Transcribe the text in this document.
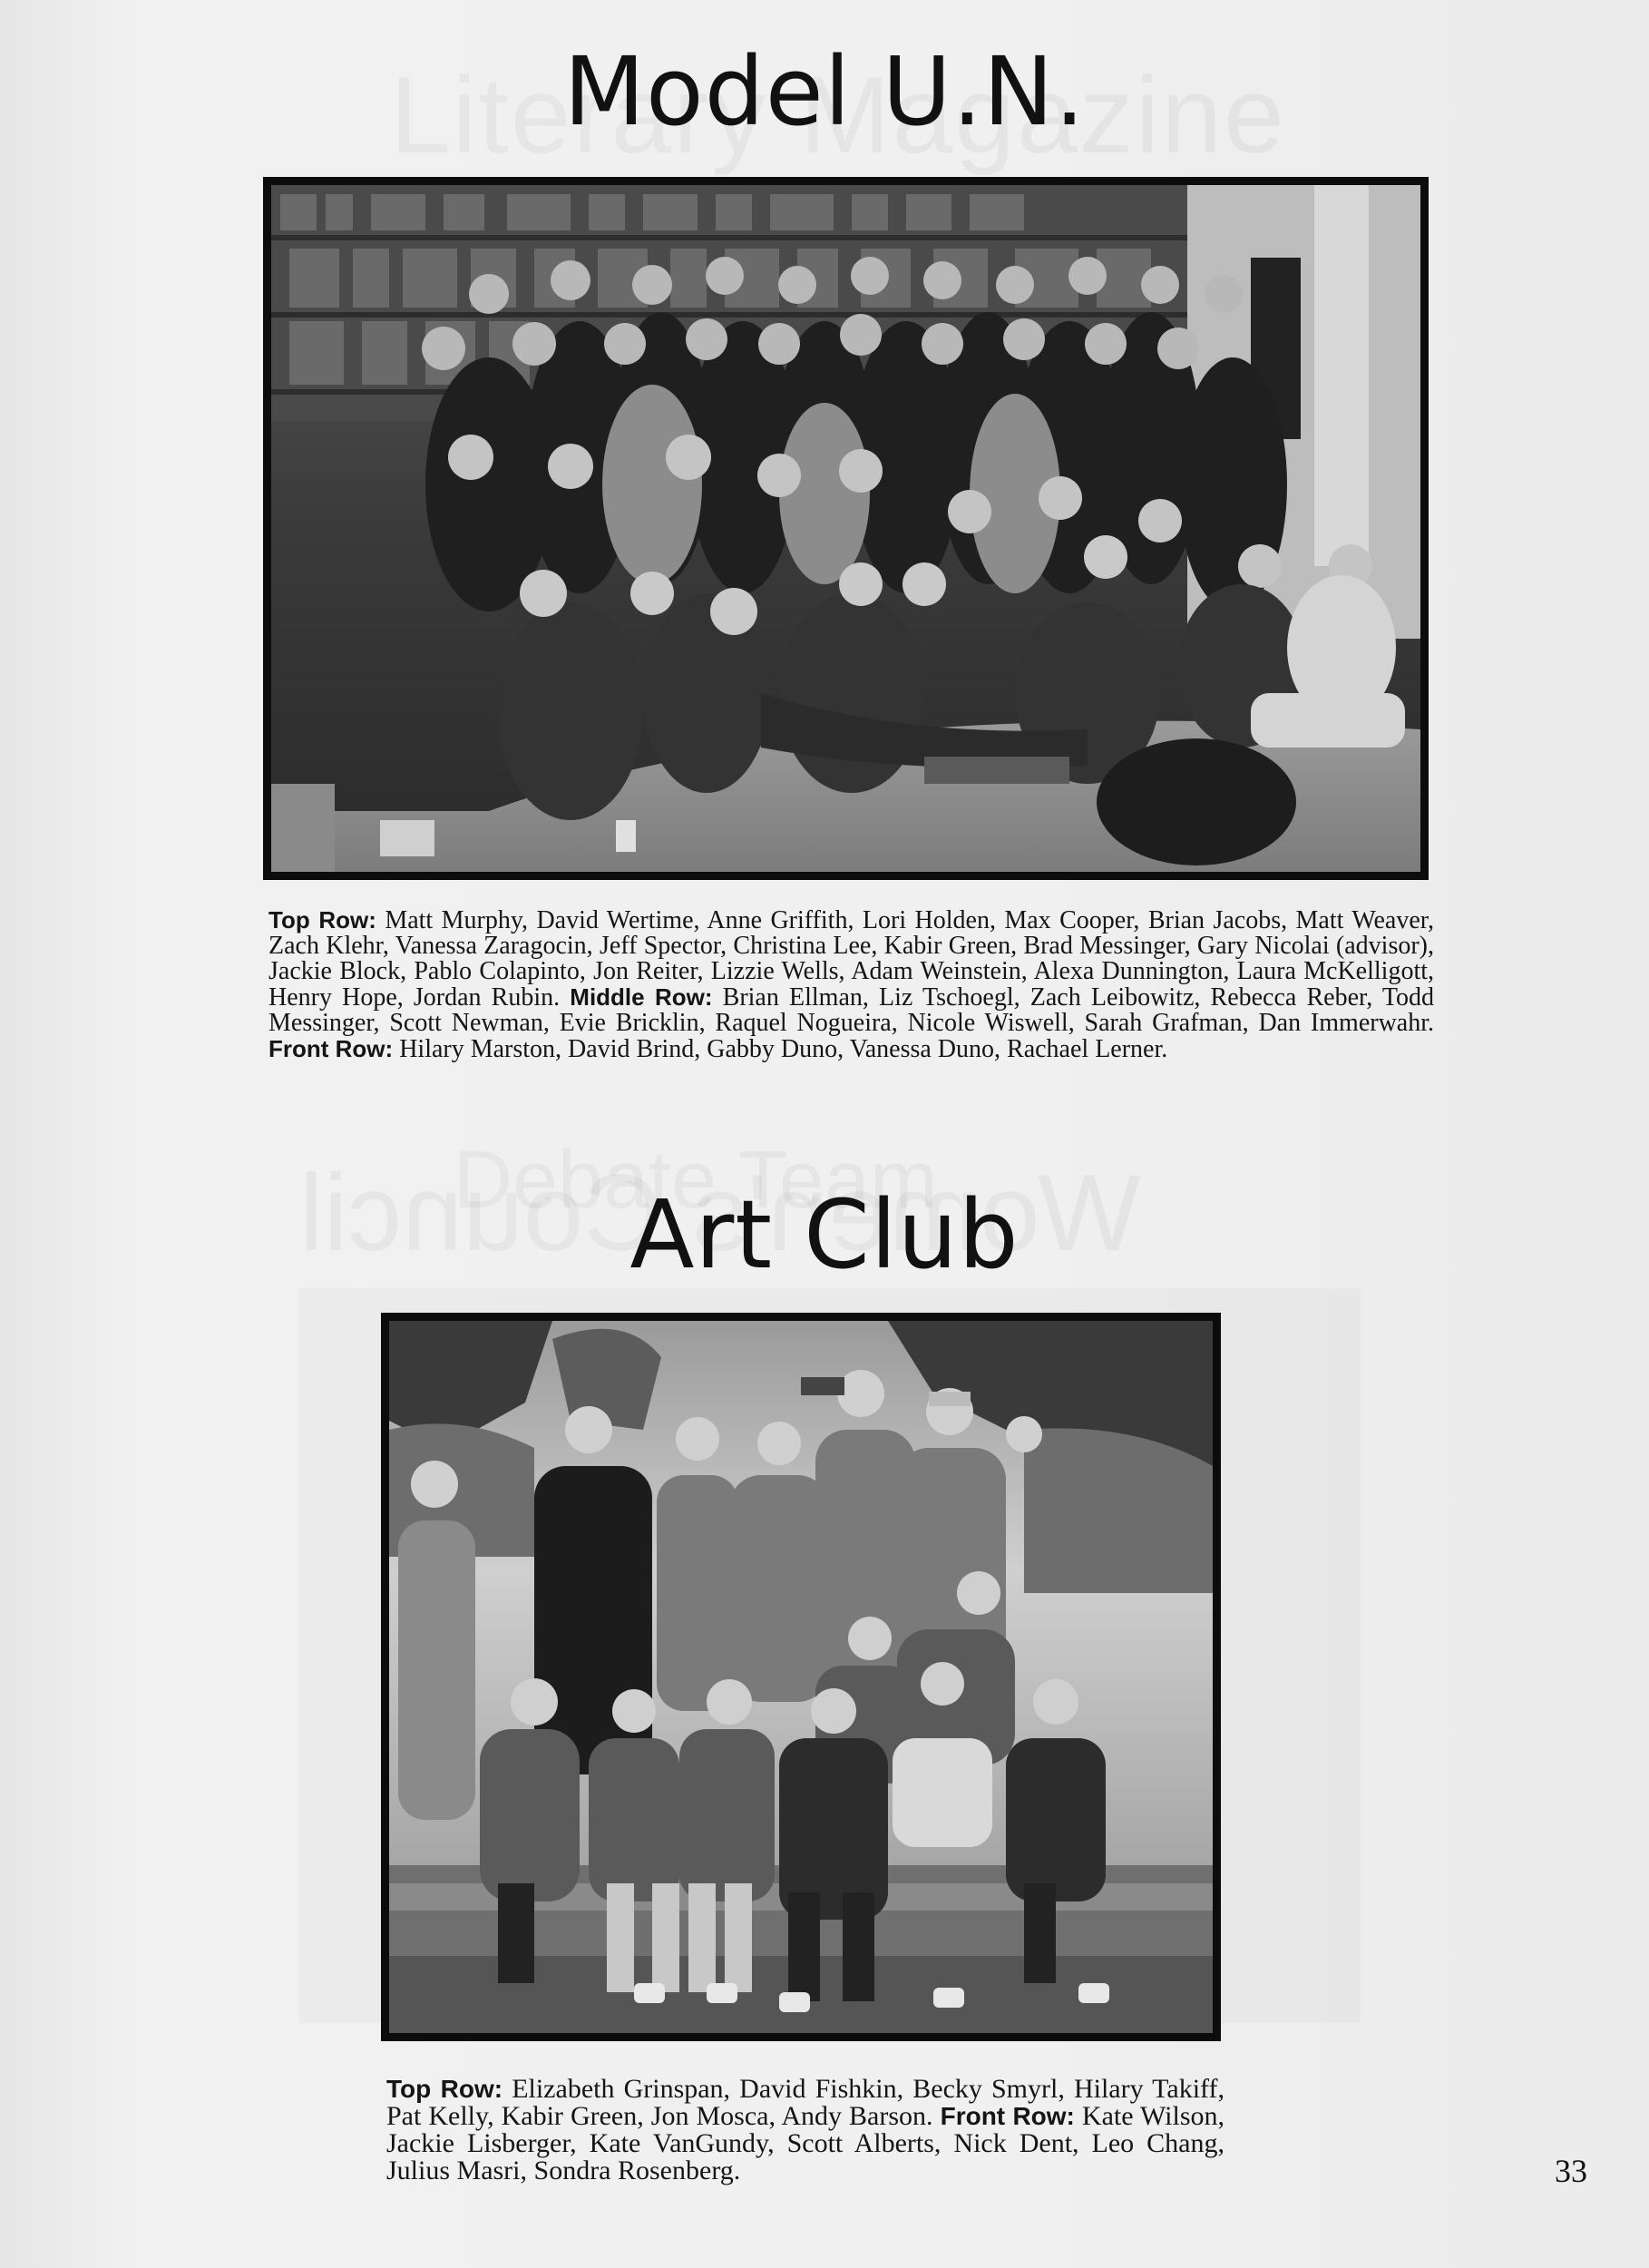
Model U.N.
Top Row: Matt Murphy, David Wertime, Anne Griffith, Lori Holden, Max Cooper, Brian Jacobs, Matt Weaver, Zach Klehr, Vanessa Zaragocin, Jeff Spector, Christina Lee, Kabir Green, Brad Messinger, Gary Nicolai (advisor), Jackie Block, Pablo Colapinto, Jon Reiter, Lizzie Wells, Adam Weinstein, Alexa Dunnington, Laura McKelligott, Henry Hope, Jordan Rubin. Middle Row: Brian Ellman, Liz Tschoegl, Zach Leibowitz, Rebecca Reber, Todd Messinger, Scott Newman, Evie Bricklin, Raquel Nogueira, Nicole Wiswell, Sarah Grafman, Dan Immerwahr. Front Row: Hilary Marston, David Brind, Gabby Duno, Vanessa Duno, Rachael Lerner.
Art Club
Top Row: Elizabeth Grinspan, David Fishkin, Becky Smyrl, Hilary Takiff, Pat Kelly, Kabir Green, Jon Mosca, Andy Barson. Front Row: Kate Wilson, Jackie Lisberger, Kate VanGundy, Scott Alberts, Nick Dent, Leo Chang, Julius Masri, Sondra Rosenberg.	33
